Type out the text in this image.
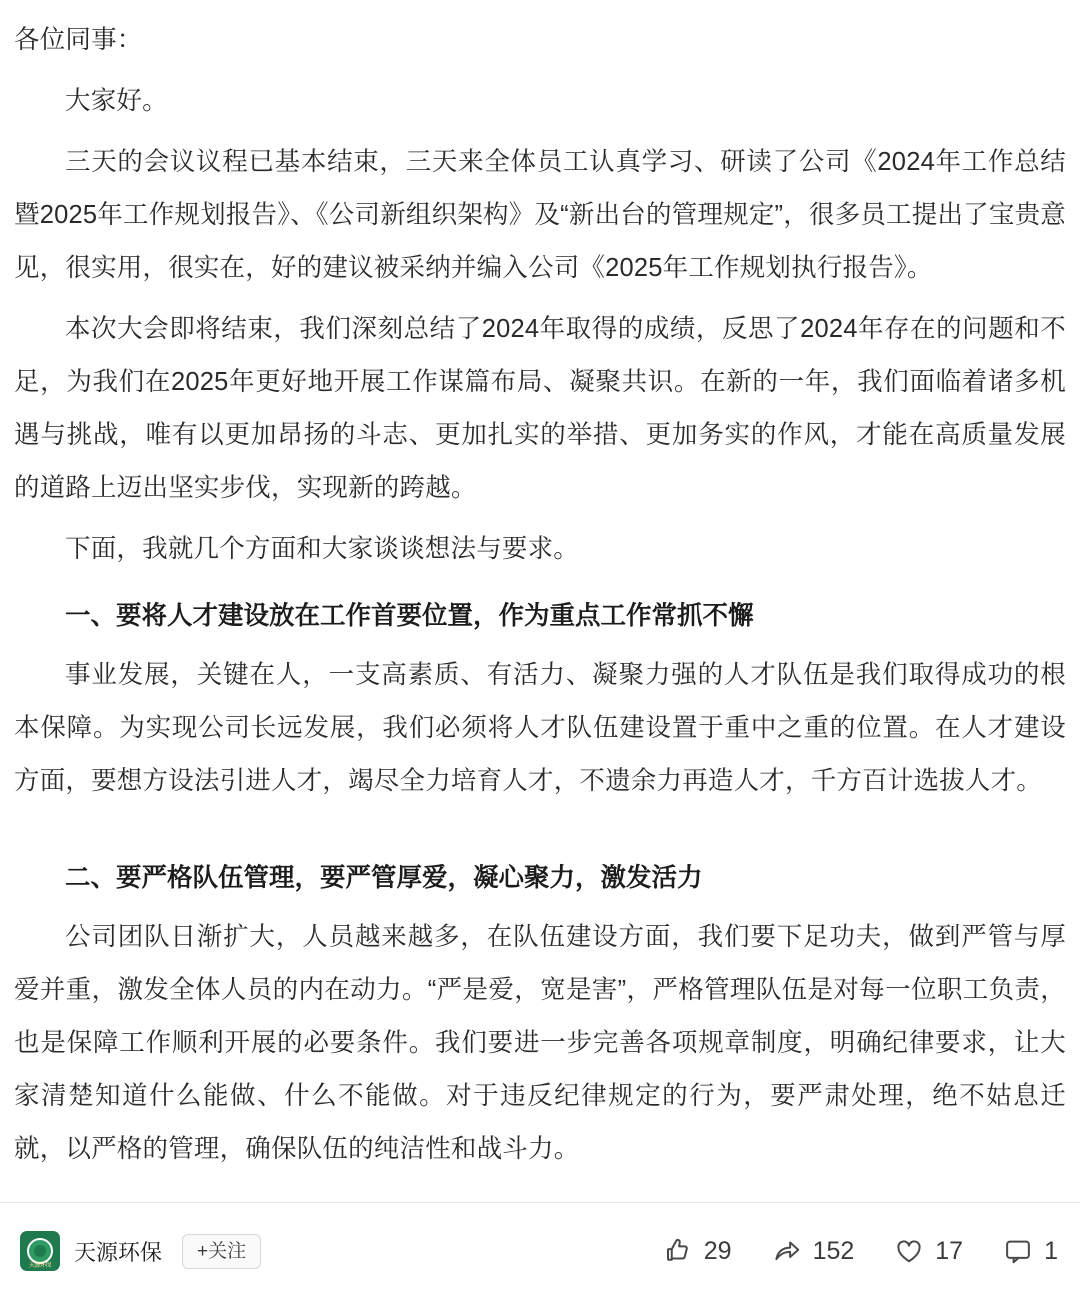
各位同事：

大家好。

三天的会议议程已基本结束，三天来全体员工认真学习、研读了公司《2024年工作总结暨2025年工作规划报告》、《公司新组织架构》及“新出台的管理规定”，很多员工提出了宝贵意见，很实用，很实在，好的建议被采纳并编入公司《2025年工作规划执行报告》。

本次大会即将结束，我们深刻总结了2024年取得的成绩，反思了2024年存在的问题和不足，为我们在2025年更好地开展工作谋篇布局、凝聚共识。在新的一年，我们面临着诸多机遇与挑战，唯有以更加昂扬的斗志、更加扎实的举措、更加务实的作风，才能在高质量发展的道路上迈出坚实步伐，实现新的跨越。

下面，我就几个方面和大家谈谈想法与要求。

一、要将人才建设放在工作首要位置，作为重点工作常抓不懈

事业发展，关键在人，一支高素质、有活力、凝聚力强的人才队伍是我们取得成功的根本保障。为实现公司长远发展，我们必须将人才队伍建设置于重中之重的位置。在人才建设方面，要想方设法引进人才，竭尽全力培育人才，不遗余力再造人才，千方百计选拔人才。

二、要严格队伍管理，要严管厚爱，凝心聚力，激发活力

公司团队日渐扩大，人员越来越多，在队伍建设方面，我们要下足功夫，做到严管与厚爱并重，激发全体人员的内在动力。“严是爱，宽是害”，严格管理队伍是对每一位职工负责，也是保障工作顺利开展的必要条件。我们要进一步完善各项规章制度，明确纪律要求，让大家清楚知道什么能做、什么不能做。对于违反纪律规定的行为，要严肃处理，绝不姑息迁就，以严格的管理，确保队伍的纯洁性和战斗力。

天源环保
天源环保	+关注	29	152	17	1
